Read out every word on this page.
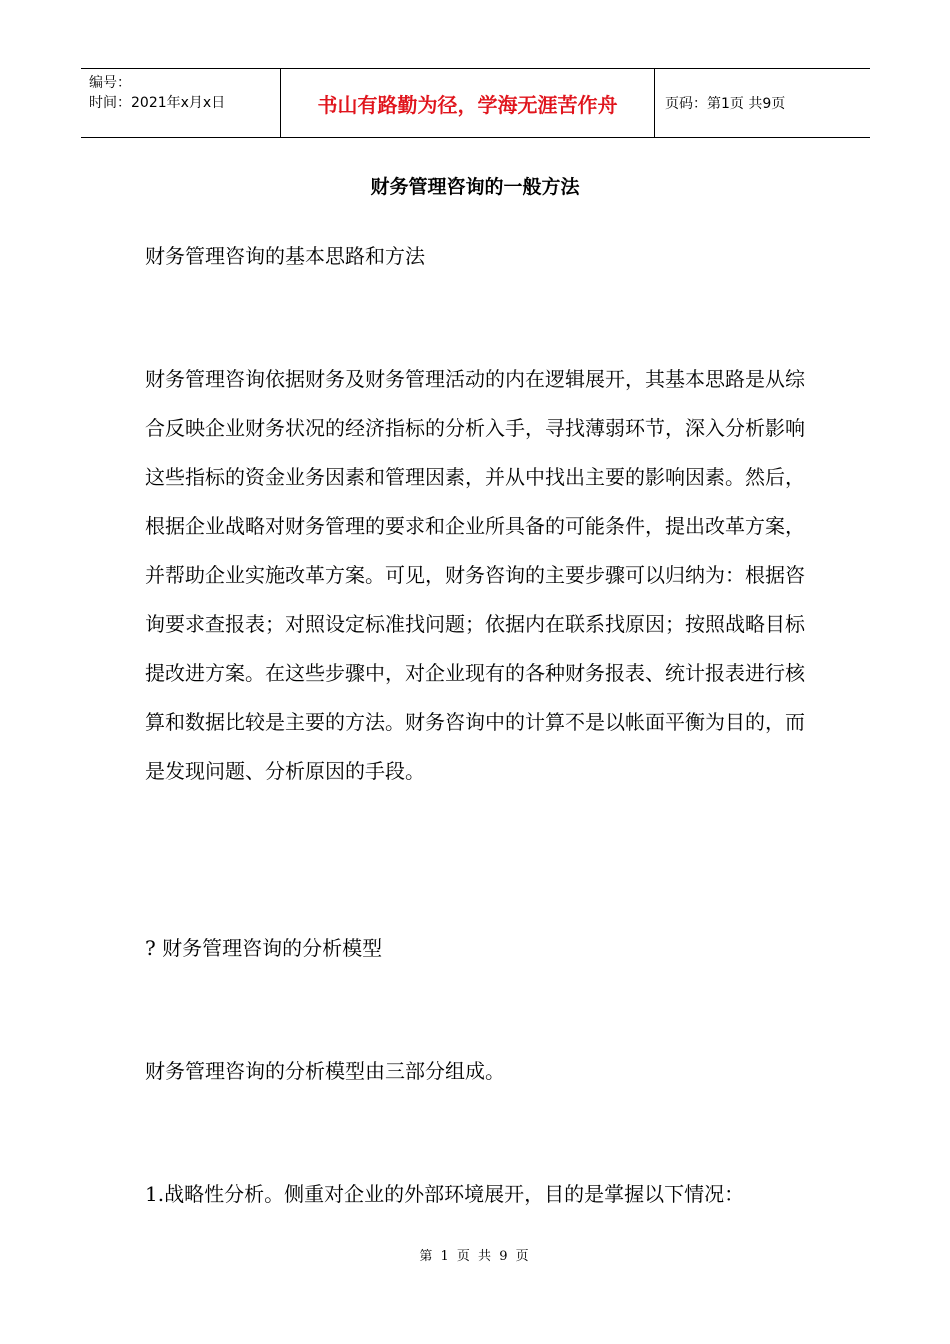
编号：
时间：2021年x月x日	书山有路勤为径，学海无涯苦作舟	页码：第1页 共9页
财务管理咨询的一般方法

财务管理咨询的基本思路和方法

财务管理咨询依据财务及财务管理活动的内在逻辑展开，其基本思路是从综合反映企业财务状况的经济指标的分析入手，寻找薄弱环节，深入分析影响这些指标的资金业务因素和管理因素，并从中找出主要的影响因素。然后，根据企业战略对财务管理的要求和企业所具备的可能条件，提出改革方案，并帮助企业实施改革方案。可见，财务咨询的主要步骤可以归纳为：根据咨询要求查报表；对照设定标准找问题；依据内在联系找原因；按照战略目标提改进方案。在这些步骤中，对企业现有的各种财务报表、统计报表进行核算和数据比较是主要的方法。财务咨询中的计算不是以帐面平衡为目的，而是发现问题、分析原因的手段。

? 财务管理咨询的分析模型

财务管理咨询的分析模型由三部分组成。

1.战略性分析。侧重对企业的外部环境展开，目的是掌握以下情况：

第 1 页 共 9 页
